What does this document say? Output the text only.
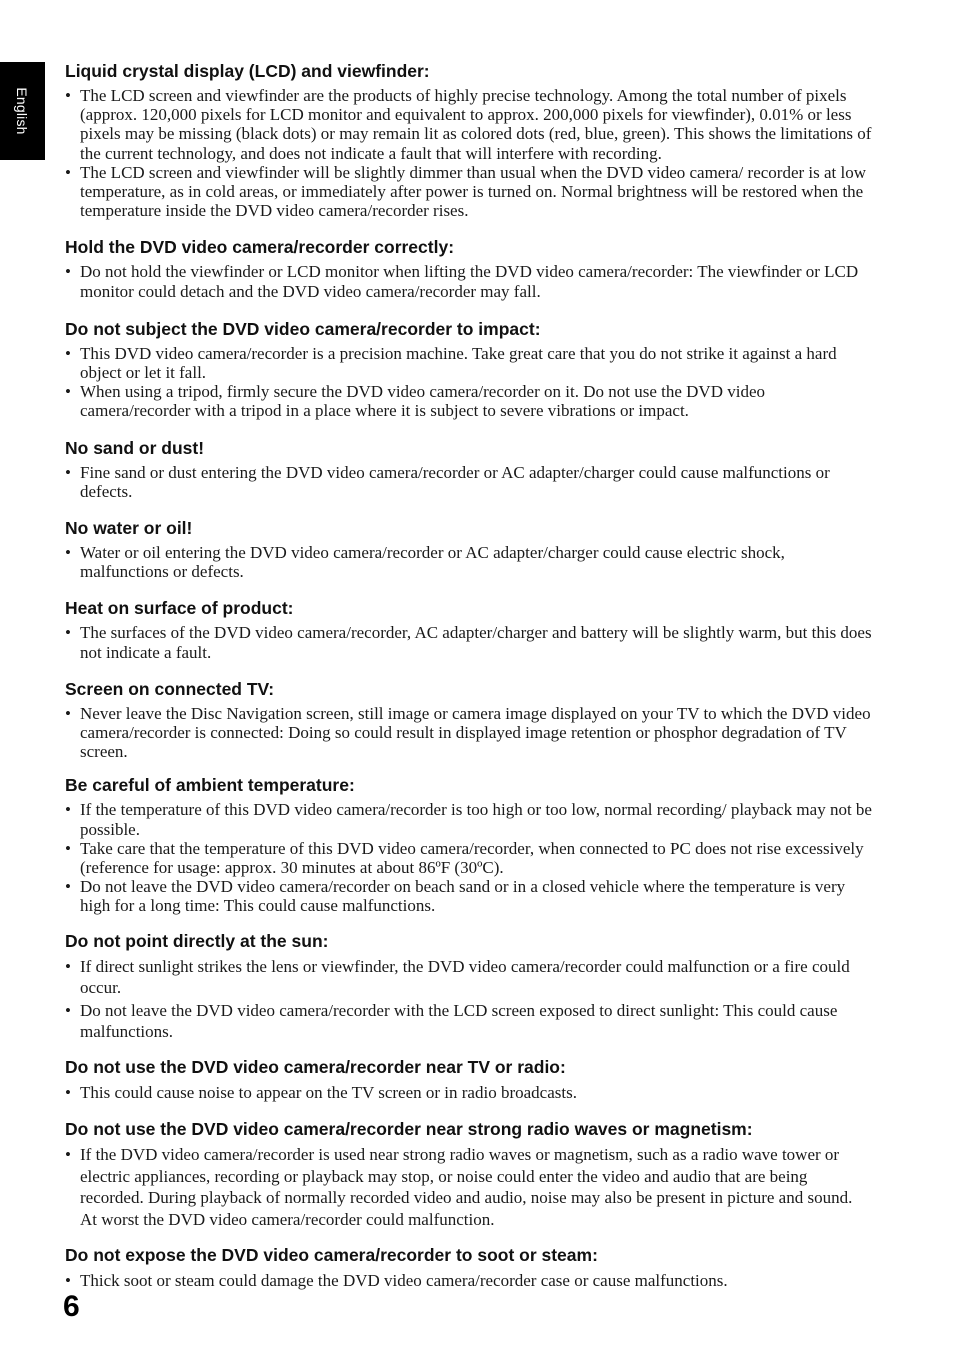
English
Liquid crystal display (LCD) and viewfinder:
• The LCD screen and viewfinder are the products of highly precise technology. Among the total number of pixels (approx. 120,000 pixels for LCD monitor and equivalent to approx. 200,000 pixels for viewfinder), 0.01% or less pixels may be missing (black dots) or may remain lit as colored dots (red, blue, green). This shows the limitations of the current technology, and does not indicate a fault that will interfere with recording.
• The LCD screen and viewfinder will be slightly dimmer than usual when the DVD video camera/ recorder is at low temperature, as in cold areas, or immediately after power is turned on. Normal brightness will be restored when the temperature inside the DVD video camera/recorder rises.
Hold the DVD video camera/recorder correctly:
• Do not hold the viewfinder or LCD monitor when lifting the DVD video camera/recorder: The viewfinder or LCD monitor could detach and the DVD video camera/recorder may fall.
Do not subject the DVD video camera/recorder to impact:
• This DVD video camera/recorder is a precision machine. Take great care that you do not strike it against a hard object or let it fall.
• When using a tripod, firmly secure the DVD video camera/recorder on it. Do not use the DVD video camera/recorder with a tripod in a place where it is subject to severe vibrations or impact.
No sand or dust!
• Fine sand or dust entering the DVD video camera/recorder or AC adapter/charger could cause malfunctions or defects.
No water or oil!
• Water or oil entering the DVD video camera/recorder or AC adapter/charger could cause electric shock, malfunctions or defects.
Heat on surface of product:
• The surfaces of the DVD video camera/recorder, AC adapter/charger and battery will be slightly warm, but this does not indicate a fault.
Screen on connected TV:
• Never leave the Disc Navigation screen, still image or camera image displayed on your TV to which the DVD video camera/recorder is connected: Doing so could result in displayed image retention or phosphor degradation of TV screen.
Be careful of ambient temperature:
• If the temperature of this DVD video camera/recorder is too high or too low, normal recording/ playback may not be possible.
• Take care that the temperature of this DVD video camera/recorder, when connected to PC does not rise excessively (reference for usage: approx. 30 minutes at about 86ºF (30ºC).
• Do not leave the DVD video camera/recorder on beach sand or in a closed vehicle where the temperature is very high for a long time: This could cause malfunctions.
Do not point directly at the sun:
• If direct sunlight strikes the lens or viewfinder, the DVD video camera/recorder could malfunction or a fire could occur.
• Do not leave the DVD video camera/recorder with the LCD screen exposed to direct sunlight: This could cause malfunctions.
Do not use the DVD video camera/recorder near TV or radio:
• This could cause noise to appear on the TV screen or in radio broadcasts.
Do not use the DVD video camera/recorder near strong radio waves or magnetism:
• If the DVD video camera/recorder is used near strong radio waves or magnetism, such as a radio wave tower or electric appliances, recording or playback may stop, or noise could enter the video and audio that are being recorded. During playback of normally recorded video and audio, noise may also be present in picture and sound.
At worst the DVD video camera/recorder could malfunction.
Do not expose the DVD video camera/recorder to soot or steam:
• Thick soot or steam could damage the DVD video camera/recorder case or cause malfunctions.
6
